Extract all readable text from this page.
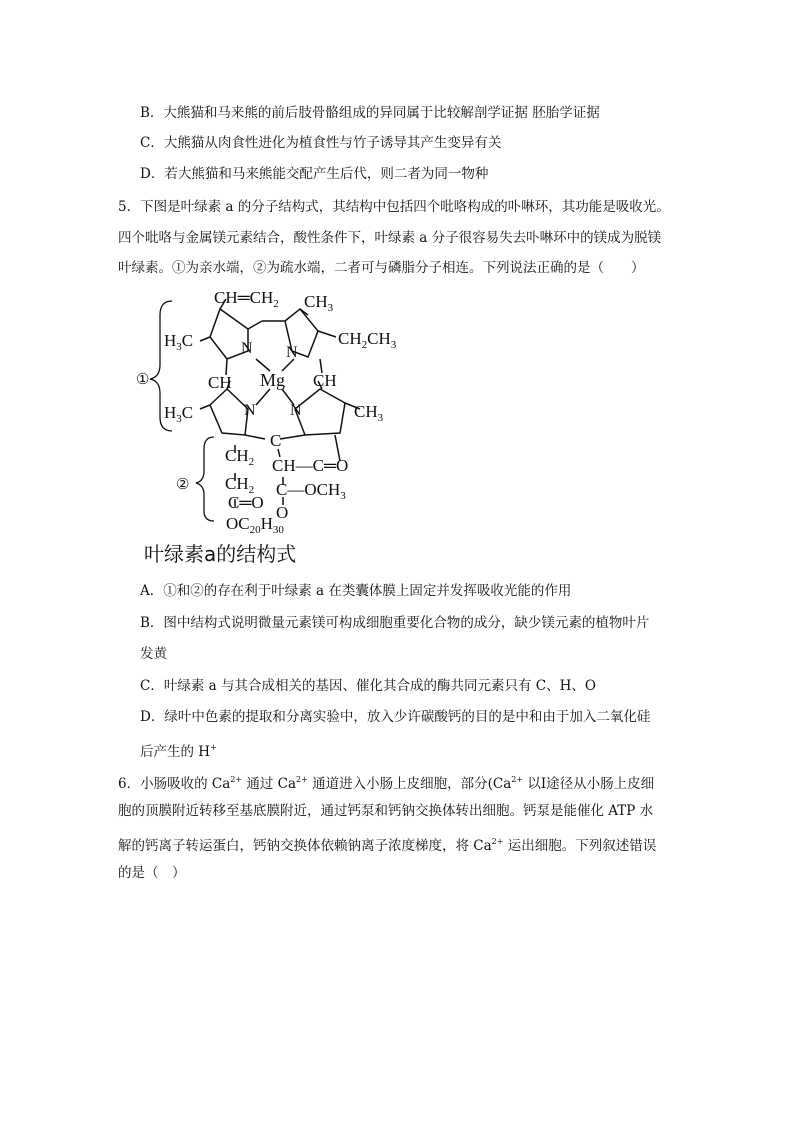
B．大熊猫和马来熊的前后肢骨骼组成的异同属于比较解剖学证据 胚胎学证据
C．大熊猫从肉食性进化为植食性与竹子诱导其产生变异有关
D．若大熊猫和马来熊能交配产生后代，则二者为同一物种
5．下图是叶绿素 a 的分子结构式，其结构中包括四个吡咯构成的卟啉环，其功能是吸收光。
四个吡咯与金属镁元素结合，酸性条件下，叶绿素 a 分子很容易失去卟啉环中的镁成为脱镁
叶绿素。①为亲水端，②为疏水端，二者可与磷脂分子相连。下列说法正确的是（　　）
①
②
$CH═CH_2$ $CH_3$
$H_3C$	$CH_2CH_3$
N N
CH Mg CH
$H_3C$	N N	$CH_3$
C
$CH_2$ CH—C═O
$CH_2$ $C—OCH_3$
C═O
O
$OC_{20}H_{30}$
叶绿素a的结构式
A．①和②的存在利于叶绿素 a 在类囊体膜上固定并发挥吸收光能的作用
B．图中结构式说明微量元素镁可构成细胞重要化合物的成分，缺少镁元素的植物叶片
发黄
C．叶绿素 a 与其合成相关的基因、催化其合成的酶共同元素只有 C、H、O
D．绿叶中色素的提取和分离实验中，放入少许碳酸钙的目的是中和由于加入二氧化硅
后产生的 H+
6．小肠吸收的 $Ca^{2+}$ 通过 $Ca^{2+}$ 通道进入小肠上皮细胞，部分($Ca^{2+}$ 以Ⅰ途径从小肠上皮细
胞的顶膜附近转移至基底膜附近，通过钙泵和钙钠交换体转出细胞。钙泵是能催化 ATP 水
解的钙离子转运蛋白，钙钠交换体依赖钠离子浓度梯度，将 $Ca^{2+}$ 运出细胞。下列叙述错误
的是（　）
